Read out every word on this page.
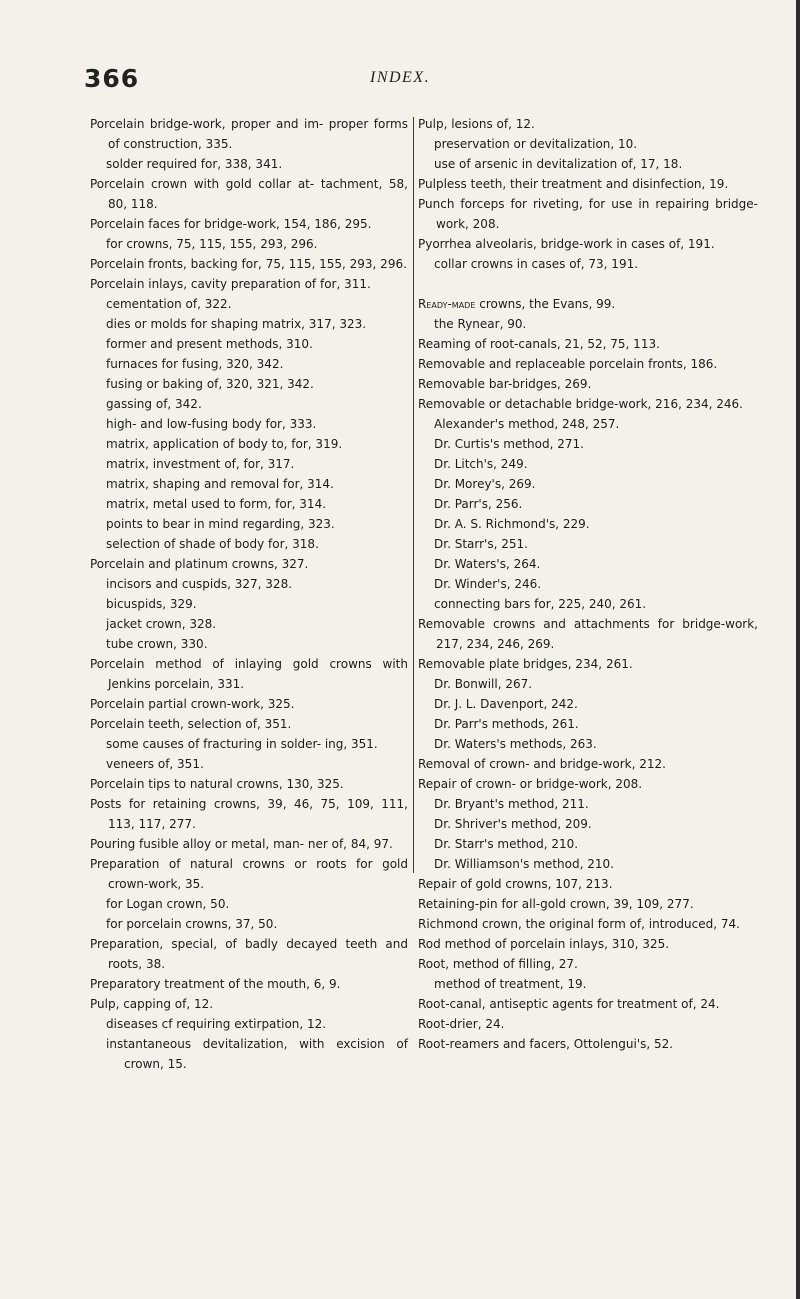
366	INDEX.
Porcelain bridge-work, proper and im- proper forms of construction, 335.
solder required for, 338, 341.
Porcelain crown with gold collar at- tachment, 58, 80, 118.
Porcelain faces for bridge-work, 154, 186, 295.
for crowns, 75, 115, 155, 293, 296.
Porcelain fronts, backing for, 75, 115, 155, 293, 296.
Porcelain inlays, cavity preparation of for, 311.
cementation of, 322.
dies or molds for shaping matrix, 317, 323.
former and present methods, 310.
furnaces for fusing, 320, 342.
fusing or baking of, 320, 321, 342.
gassing of, 342.
high- and low-fusing body for, 333.
matrix, application of body to, for, 319.
matrix, investment of, for, 317.
matrix, shaping and removal for, 314.
matrix, metal used to form, for, 314.
points to bear in mind regarding, 323.
selection of shade of body for, 318.
Porcelain and platinum crowns, 327.
incisors and cuspids, 327, 328.
bicuspids, 329.
jacket crown, 328.
tube crown, 330.
Porcelain method of inlaying gold crowns with Jenkins porcelain, 331.
Porcelain partial crown-work, 325.
Porcelain teeth, selection of, 351.
some causes of fracturing in solder- ing, 351.
veneers of, 351.
Porcelain tips to natural crowns, 130, 325.
Posts for retaining crowns, 39, 46, 75, 109, 111, 113, 117, 277.
Pouring fusible alloy or metal, man- ner of, 84, 97.
Preparation of natural crowns or roots for gold crown-work, 35.
for Logan crown, 50.
for porcelain crowns, 37, 50.
Preparation, special, of badly decayed teeth and roots, 38.
Preparatory treatment of the mouth, 6, 9.
Pulp, capping of, 12.
diseases cf requiring extirpation, 12.
instantaneous devitalization, with excision of crown, 15.
Pulp, lesions of, 12.
preservation or devitalization, 10.
use of arsenic in devitalization of, 17, 18.
Pulpless teeth, their treatment and disinfection, 19.
Punch forceps for riveting, for use in repairing bridge-work, 208.
Pyorrhea alveolaris, bridge-work in cases of, 191.
collar crowns in cases of, 73, 191.
Ready-made crowns, the Evans, 99.
the Rynear, 90.
Reaming of root-canals, 21, 52, 75, 113.
Removable and replaceable porcelain fronts, 186.
Removable bar-bridges, 269.
Removable or detachable bridge-work, 216, 234, 246.
Alexander's method, 248, 257.
Dr. Curtis's method, 271.
Dr. Litch's, 249.
Dr. Morey's, 269.
Dr. Parr's, 256.
Dr. A. S. Richmond's, 229.
Dr. Starr's, 251.
Dr. Waters's, 264.
Dr. Winder's, 246.
connecting bars for, 225, 240, 261.
Removable crowns and attachments for bridge-work, 217, 234, 246, 269.
Removable plate bridges, 234, 261.
Dr. Bonwill, 267.
Dr. J. L. Davenport, 242.
Dr. Parr's methods, 261.
Dr. Waters's methods, 263.
Removal of crown- and bridge-work, 212.
Repair of crown- or bridge-work, 208.
Dr. Bryant's method, 211.
Dr. Shriver's method, 209.
Dr. Starr's method, 210.
Dr. Williamson's method, 210.
Repair of gold crowns, 107, 213.
Retaining-pin for all-gold crown, 39, 109, 277.
Richmond crown, the original form of, introduced, 74.
Rod method of porcelain inlays, 310, 325.
Root, method of filling, 27.
method of treatment, 19.
Root-canal, antiseptic agents for treatment of, 24.
Root-drier, 24.
Root-reamers and facers, Ottolengui's, 52.
